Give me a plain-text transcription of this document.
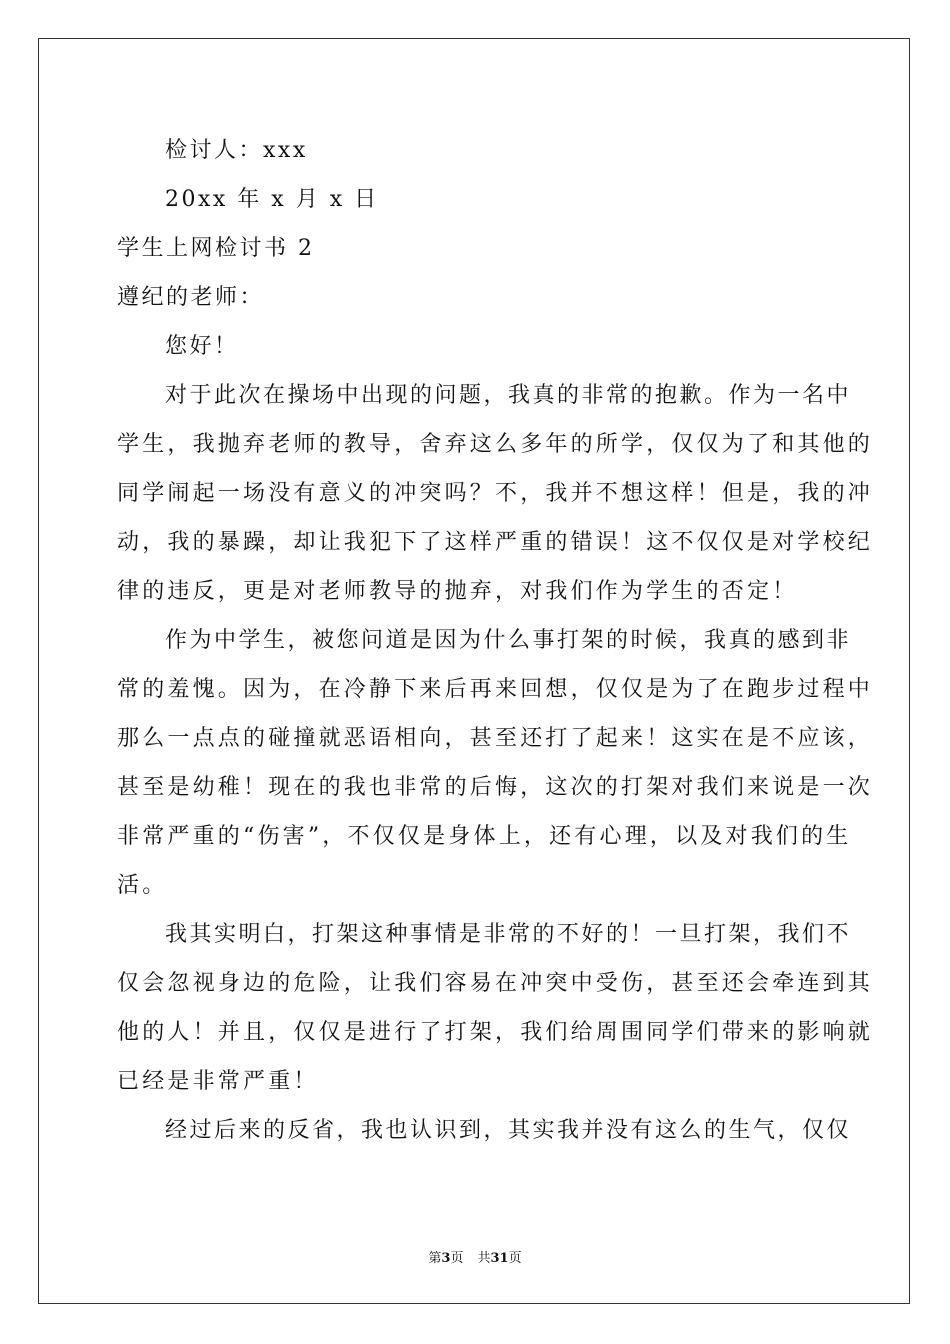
检讨人：xxx
20xx 年 x 月 x 日
学生上网检讨书 2
遵纪的老师：
您好！
对于此次在操场中出现的问题，我真的非常的抱歉。作为一名中
学生，我抛弃老师的教导，舍弃这么多年的所学，仅仅为了和其他的
同学闹起一场没有意义的冲突吗？不，我并不想这样！但是，我的冲
动，我的暴躁，却让我犯下了这样严重的错误！这不仅仅是对学校纪
律的违反，更是对老师教导的抛弃，对我们作为学生的否定！
作为中学生，被您问道是因为什么事打架的时候，我真的感到非
常的羞愧。因为，在冷静下来后再来回想，仅仅是为了在跑步过程中
那么一点点的碰撞就恶语相向，甚至还打了起来！这实在是不应该，
甚至是幼稚！现在的我也非常的后悔，这次的打架对我们来说是一次
非常严重的“伤害”，不仅仅是身体上，还有心理，以及对我们的生
活。
我其实明白，打架这种事情是非常的不好的！一旦打架，我们不
仅会忽视身边的危险，让我们容易在冲突中受伤，甚至还会牵连到其
他的人！并且，仅仅是进行了打架，我们给周围同学们带来的影响就
已经是非常严重！
经过后来的反省，我也认识到，其实我并没有这么的生气，仅仅
第3页 共31页
